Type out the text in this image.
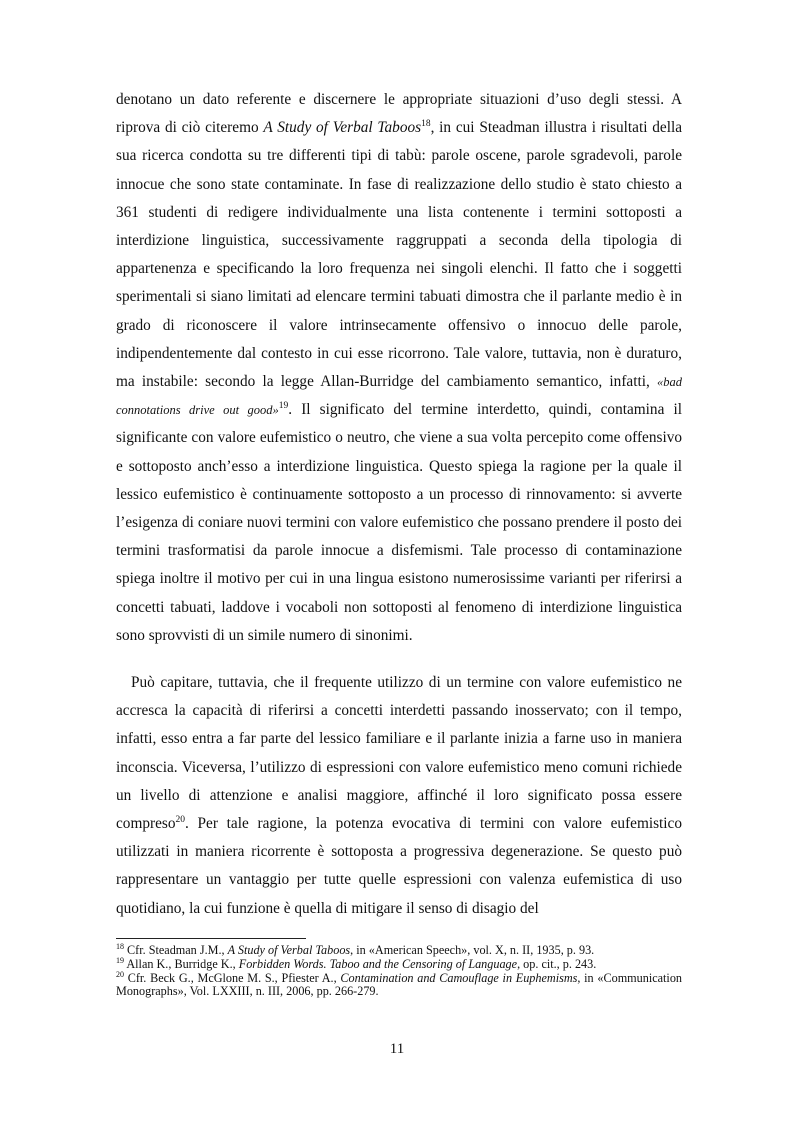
denotano un dato referente e discernere le appropriate situazioni d’uso degli stessi. A riprova di ciò citeremo A Study of Verbal Taboos$^{18}$, in cui Steadman illustra i risultati della sua ricerca condotta su tre differenti tipi di tabù: parole oscene, parole sgradevoli, parole innocue che sono state contaminate. In fase di realizzazione dello studio è stato chiesto a 361 studenti di redigere individualmente una lista contenente i termini sottoposti a interdizione linguistica, successivamente raggruppati a seconda della tipologia di appartenenza e specificando la loro frequenza nei singoli elenchi. Il fatto che i soggetti sperimentali si siano limitati ad elencare termini tabuati dimostra che il parlante medio è in grado di riconoscere il valore intrinsecamente offensivo o innocuo delle parole, indipendentemente dal contesto in cui esse ricorrono. Tale valore, tuttavia, non è duraturo, ma instabile: secondo la legge Allan-Burridge del cambiamento semantico, infatti, «bad connotations drive out good»$^{19}$. Il significato del termine interdetto, quindi, contamina il significante con valore eufemistico o neutro, che viene a sua volta percepito come offensivo e sottoposto anch’esso a interdizione linguistica. Questo spiega la ragione per la quale il lessico eufemistico è continuamente sottoposto a un processo di rinnovamento: si avverte l’esigenza di coniare nuovi termini con valore eufemistico che possano prendere il posto dei termini trasformatisi da parole innocue a disfemismi. Tale processo di contaminazione spiega inoltre il motivo per cui in una lingua esistono numerosissime varianti per riferirsi a concetti tabuati, laddove i vocaboli non sottoposti al fenomeno di interdizione linguistica sono sprovvisti di un simile numero di sinonimi.

Può capitare, tuttavia, che il frequente utilizzo di un termine con valore eufemistico ne accresca la capacità di riferirsi a concetti interdetti passando inosservato; con il tempo, infatti, esso entra a far parte del lessico familiare e il parlante inizia a farne uso in maniera inconscia. Viceversa, l’utilizzo di espressioni con valore eufemistico meno comuni richiede un livello di attenzione e analisi maggiore, affinché il loro significato possa essere compreso$^{20}$. Per tale ragione, la potenza evocativa di termini con valore eufemistico utilizzati in maniera ricorrente è sottoposta a progressiva degenerazione. Se questo può rappresentare un vantaggio per tutte quelle espressioni con valenza eufemistica di uso quotidiano, la cui funzione è quella di mitigare il senso di disagio del

$^{18}$ Cfr. Steadman J.M., A Study of Verbal Taboos, in «American Speech», vol. X, n. II, 1935, p. 93.

$^{19}$ Allan K., Burridge K., Forbidden Words. Taboo and the Censoring of Language, op. cit., p. 243.

$^{20}$ Cfr. Beck G., McGlone M. S., Pfiester A., Contamination and Camouflage in Euphemisms, in «Communication Monographs», Vol. LXXIII, n. III, 2006, pp. 266-279.

11
